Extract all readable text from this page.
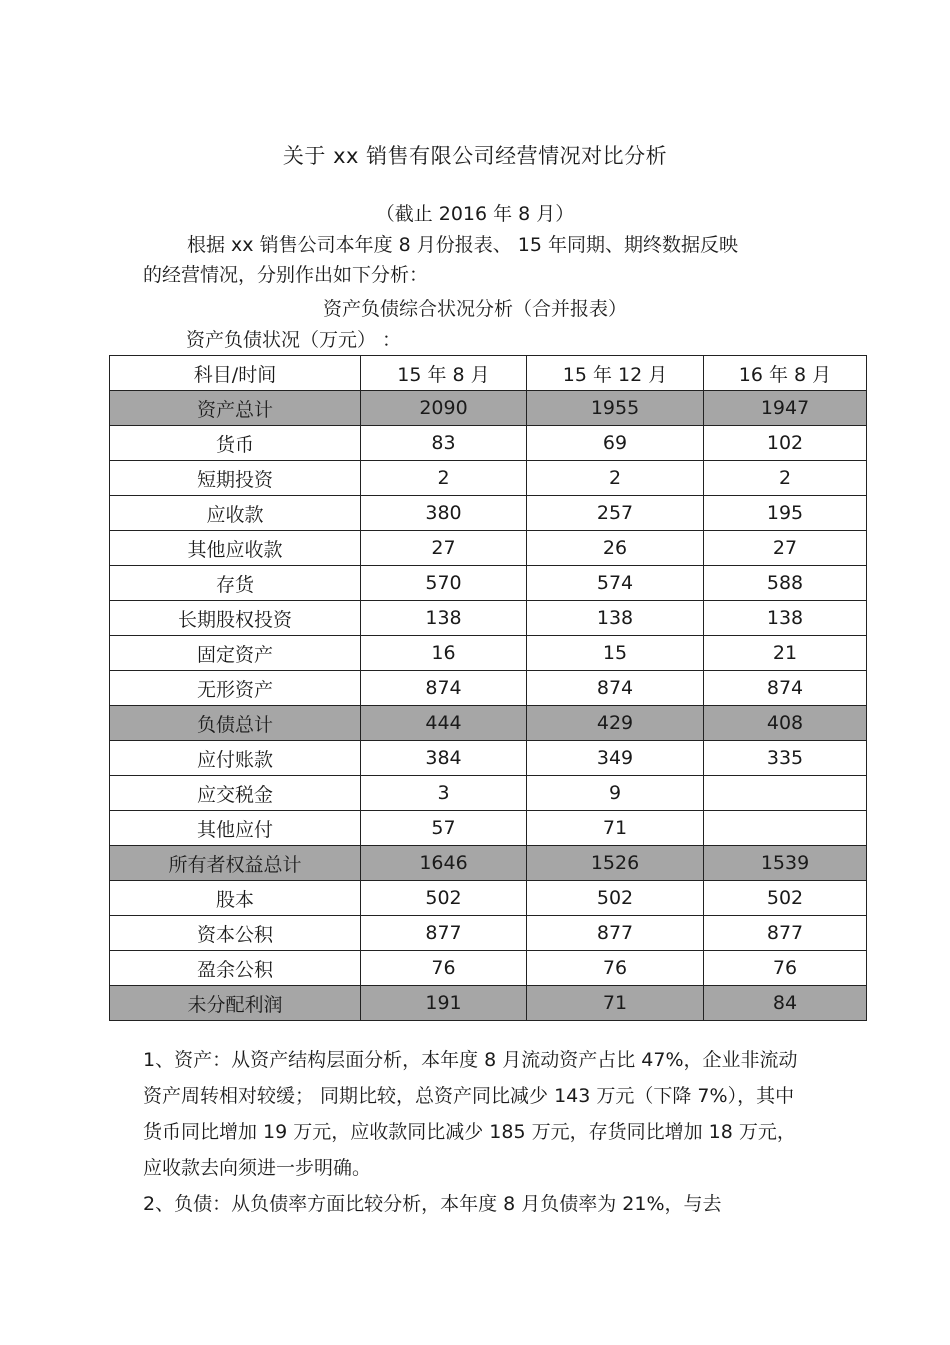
关于 xx 销售有限公司经营情况对比分析
（截止 2016 年 8 月）
根据 xx 销售公司本年度 8 月份报表、 15 年同期、期终数据反映
的经营情况，分别作出如下分析：
资产负债综合状况分析（合并报表）
资产负债状况（万元） ：
科目/时间	15 年 8 月	15 年 12 月	16 年 8 月
资产总计	2090	1955	1947
货币	83	69	102
短期投资	2	2	2
应收款	380	257	195
其他应收款	27	26	27
存货	570	574	588
长期股权投资	138	138	138
固定资产	16	15	21
无形资产	874	874	874
负债总计	444	429	408
应付账款	384	349	335
应交税金	3	9	
其他应付	57	71	
所有者权益总计	1646	1526	1539
股本	502	502	502
资本公积	877	877	877
盈余公积	76	76	76
未分配利润	191	71	84

1、资产：从资产结构层面分析，本年度 8 月流动资产占比 47%，企业非流动资产周转相对较缓； 同期比较，总资产同比减少 143 万元（下降 7%），其中货币同比增加 19 万元，应收款同比减少 185 万元，存货同比增加 18 万元，应收款去向须进一步明确。

2、负债：从负债率方面比较分析，本年度 8 月负债率为 21%，与去
